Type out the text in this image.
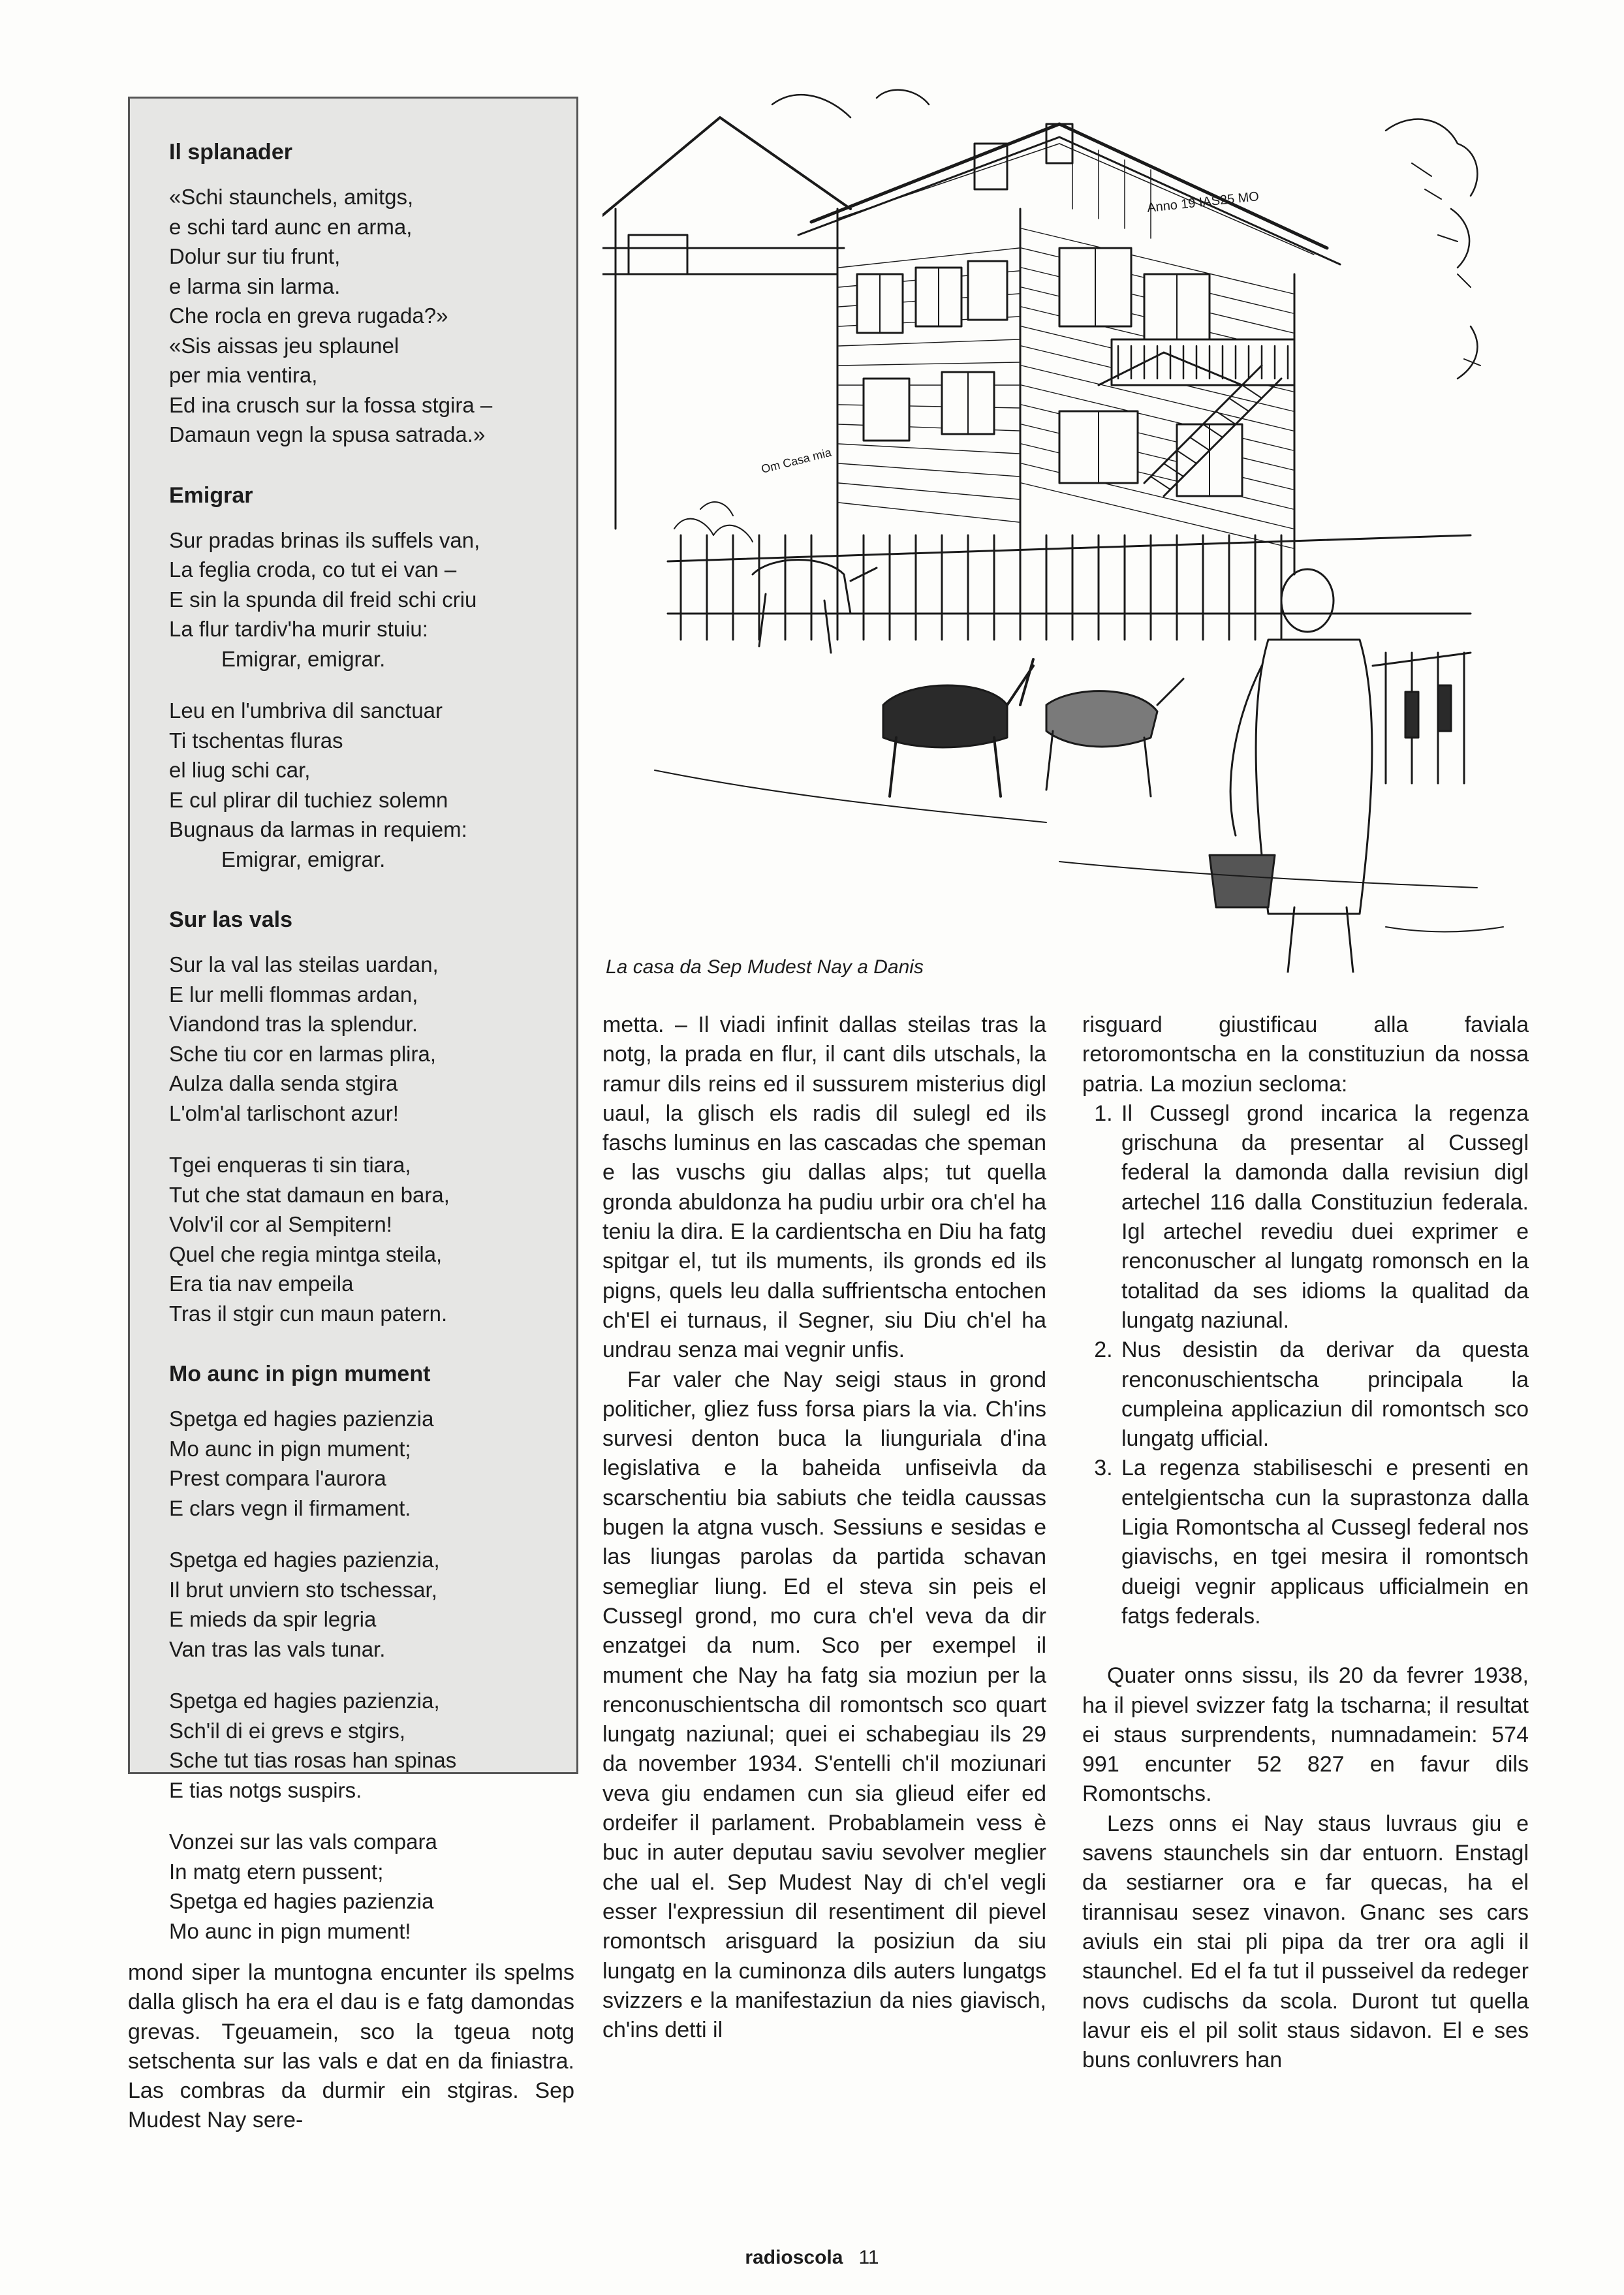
Il splanader
«Schi staunchels, amitgs,
e schi tard aunc en arma,
Dolur sur tiu frunt,
e larma sin larma.
Che rocla en greva rugada?»
«Sis aissas jeu splaunel
per mia ventira,
Ed ina crusch sur la fossa stgira –
Damaun vegn la spusa satrada.»
Emigrar
Sur pradas brinas ils suffels van,
La feglia croda, co tut ei van –
E sin la spunda dil freid schi criu
La flur tardiv'ha murir stuiu:
Emigrar, emigrar.
Leu en l'umbriva dil sanctuar
Ti tschentas fluras
el liug schi car,
E cul plirar dil tuchiez solemn
Bugnaus da larmas in requiem:
Emigrar, emigrar.
Sur las vals
Sur la val las steilas uardan,
E lur melli flommas ardan,
Viandond tras la splendur.
Sche tiu cor en larmas plira,
Aulza dalla senda stgira
L'olm'al tarlischont azur!
Tgei enqueras ti sin tiara,
Tut che stat damaun en bara,
Volv'il cor al Sempitern!
Quel che regia mintga steila,
Era tia nav empeila
Tras il stgir cun maun patern.
Mo aunc in pign mument
Spetga ed hagies pazienzia
Mo aunc in pign mument;
Prest compara l'aurora
E clars vegn il firmament.
Spetga ed hagies pazienzia,
Il brut unviern sto tschessar,
E mieds da spir legria
Van tras las vals tunar.
Spetga ed hagies pazienzia,
Sch'il di ei grevs e stgirs,
Sche tut tias rosas han spinas
E tias notgs suspirs.
Vonzei sur las vals compara
In matg etern pussent;
Spetga ed hagies pazienzia
Mo aunc in pign mument!
Om Casa mia
Anno 19 IAS25 MO
La casa da Sep Mudest Nay a Danis

mond siper la muntogna encunter ils spelms dalla glisch ha era el dau is e fatg damondas grevas. Tgeuamein, sco la tgeua notg setschenta sur las vals e dat en da finiastra. Las combras da durmir ein stgiras. Sep Mudest Nay sere-

metta. – Il viadi infinit dallas steilas tras la notg, la prada en flur, il cant dils utschals, la ramur dils reins ed il sussurem misterius digl uaul, la glisch els radis dil sulegl ed ils faschs luminus en las cascadas che speman e las vuschs giu dallas alps; tut quella gronda abuldonza ha pudiu urbir ora ch'el ha teniu la dira. E la cardientscha en Diu ha fatg spitgar el, tut ils muments, ils gronds ed ils pigns, quels leu dalla suffrientscha entochen ch'El ei turnaus, il Segner, siu Diu ch'el ha undrau senza mai vegnir unfis.

Far valer che Nay seigi staus in grond politicher, gliez fuss forsa piars la via. Ch'ins survesi denton buca la liunguriala d'ina legislativa e la baheida unfiseivla da scarschentiu bia sabiuts che teidla caussas bugen la atgna vusch. Sessiuns e sesidas e las liungas parolas da partida schavan semegliar liung. Ed el steva sin peis el Cussegl grond, mo cura ch'el veva da dir enzatgei da num. Sco per exempel il mument che Nay ha fatg sia moziun per la renconuschientscha dil romontsch sco quart lungatg naziunal; quei ei schabegiau ils 29 da november 1934. S'entelli ch'il moziunari veva giu endamen cun sia glieud eifer ed ordeifer il parlament. Probablamein vess è buc in auter deputau saviu sevolver meglier che ual el. Sep Mudest Nay di ch'el vegli esser l'expressiun dil resentiment dil pievel romontsch arisguard la posiziun da siu lungatg en la cuminonza dils auters lungatgs svizzers e la manifestaziun da nies giavisch, ch'ins detti il

risguard giustificau alla faviala retoromontscha en la constituziun da nossa patria. La moziun secloma:

1. Il Cussegl grond incarica la regenza grischuna da presentar al Cussegl federal la damonda dalla revisiun digl artechel 116 dalla Constituziun federala. Igl artechel revediu duei exprimer e renconuscher al lungatg romonsch en la totalitad da ses idioms la qualitad da lungatg naziunal.
2. Nus desistin da derivar da questa renconuschientscha principala la cumpleina applicaziun dil romontsch sco lungatg ufficial.
3. La regenza stabiliseschi e presenti en entelgientscha cun la suprastonza dalla Ligia Romontscha al Cussegl federal nos giavischs, en tgei mesira il romontsch dueigi vegnir applicaus ufficialmein en fatgs federals.

Quater onns sissu, ils 20 da fevrer 1938, ha il pievel svizzer fatg la tscharna; il resultat ei staus surprendents, numnadamein: 574 991 encunter 52 827 en favur dils Romontschs.

Lezs onns ei Nay staus luvraus giu e savens staunchels sin dar entuorn. Enstagl da sestiarner ora e far quecas, ha el tirannisau sesez vinavon. Gnanc ses cars aviuls ein stai pli pipa da trer ora agli il staunchel. Ed el fa tut il pusseivel da redeger novs cudischs da scola. Duront tut quella lavur eis el pil solit staus sidavon. El e ses buns conluvrers han

radioscola 11
